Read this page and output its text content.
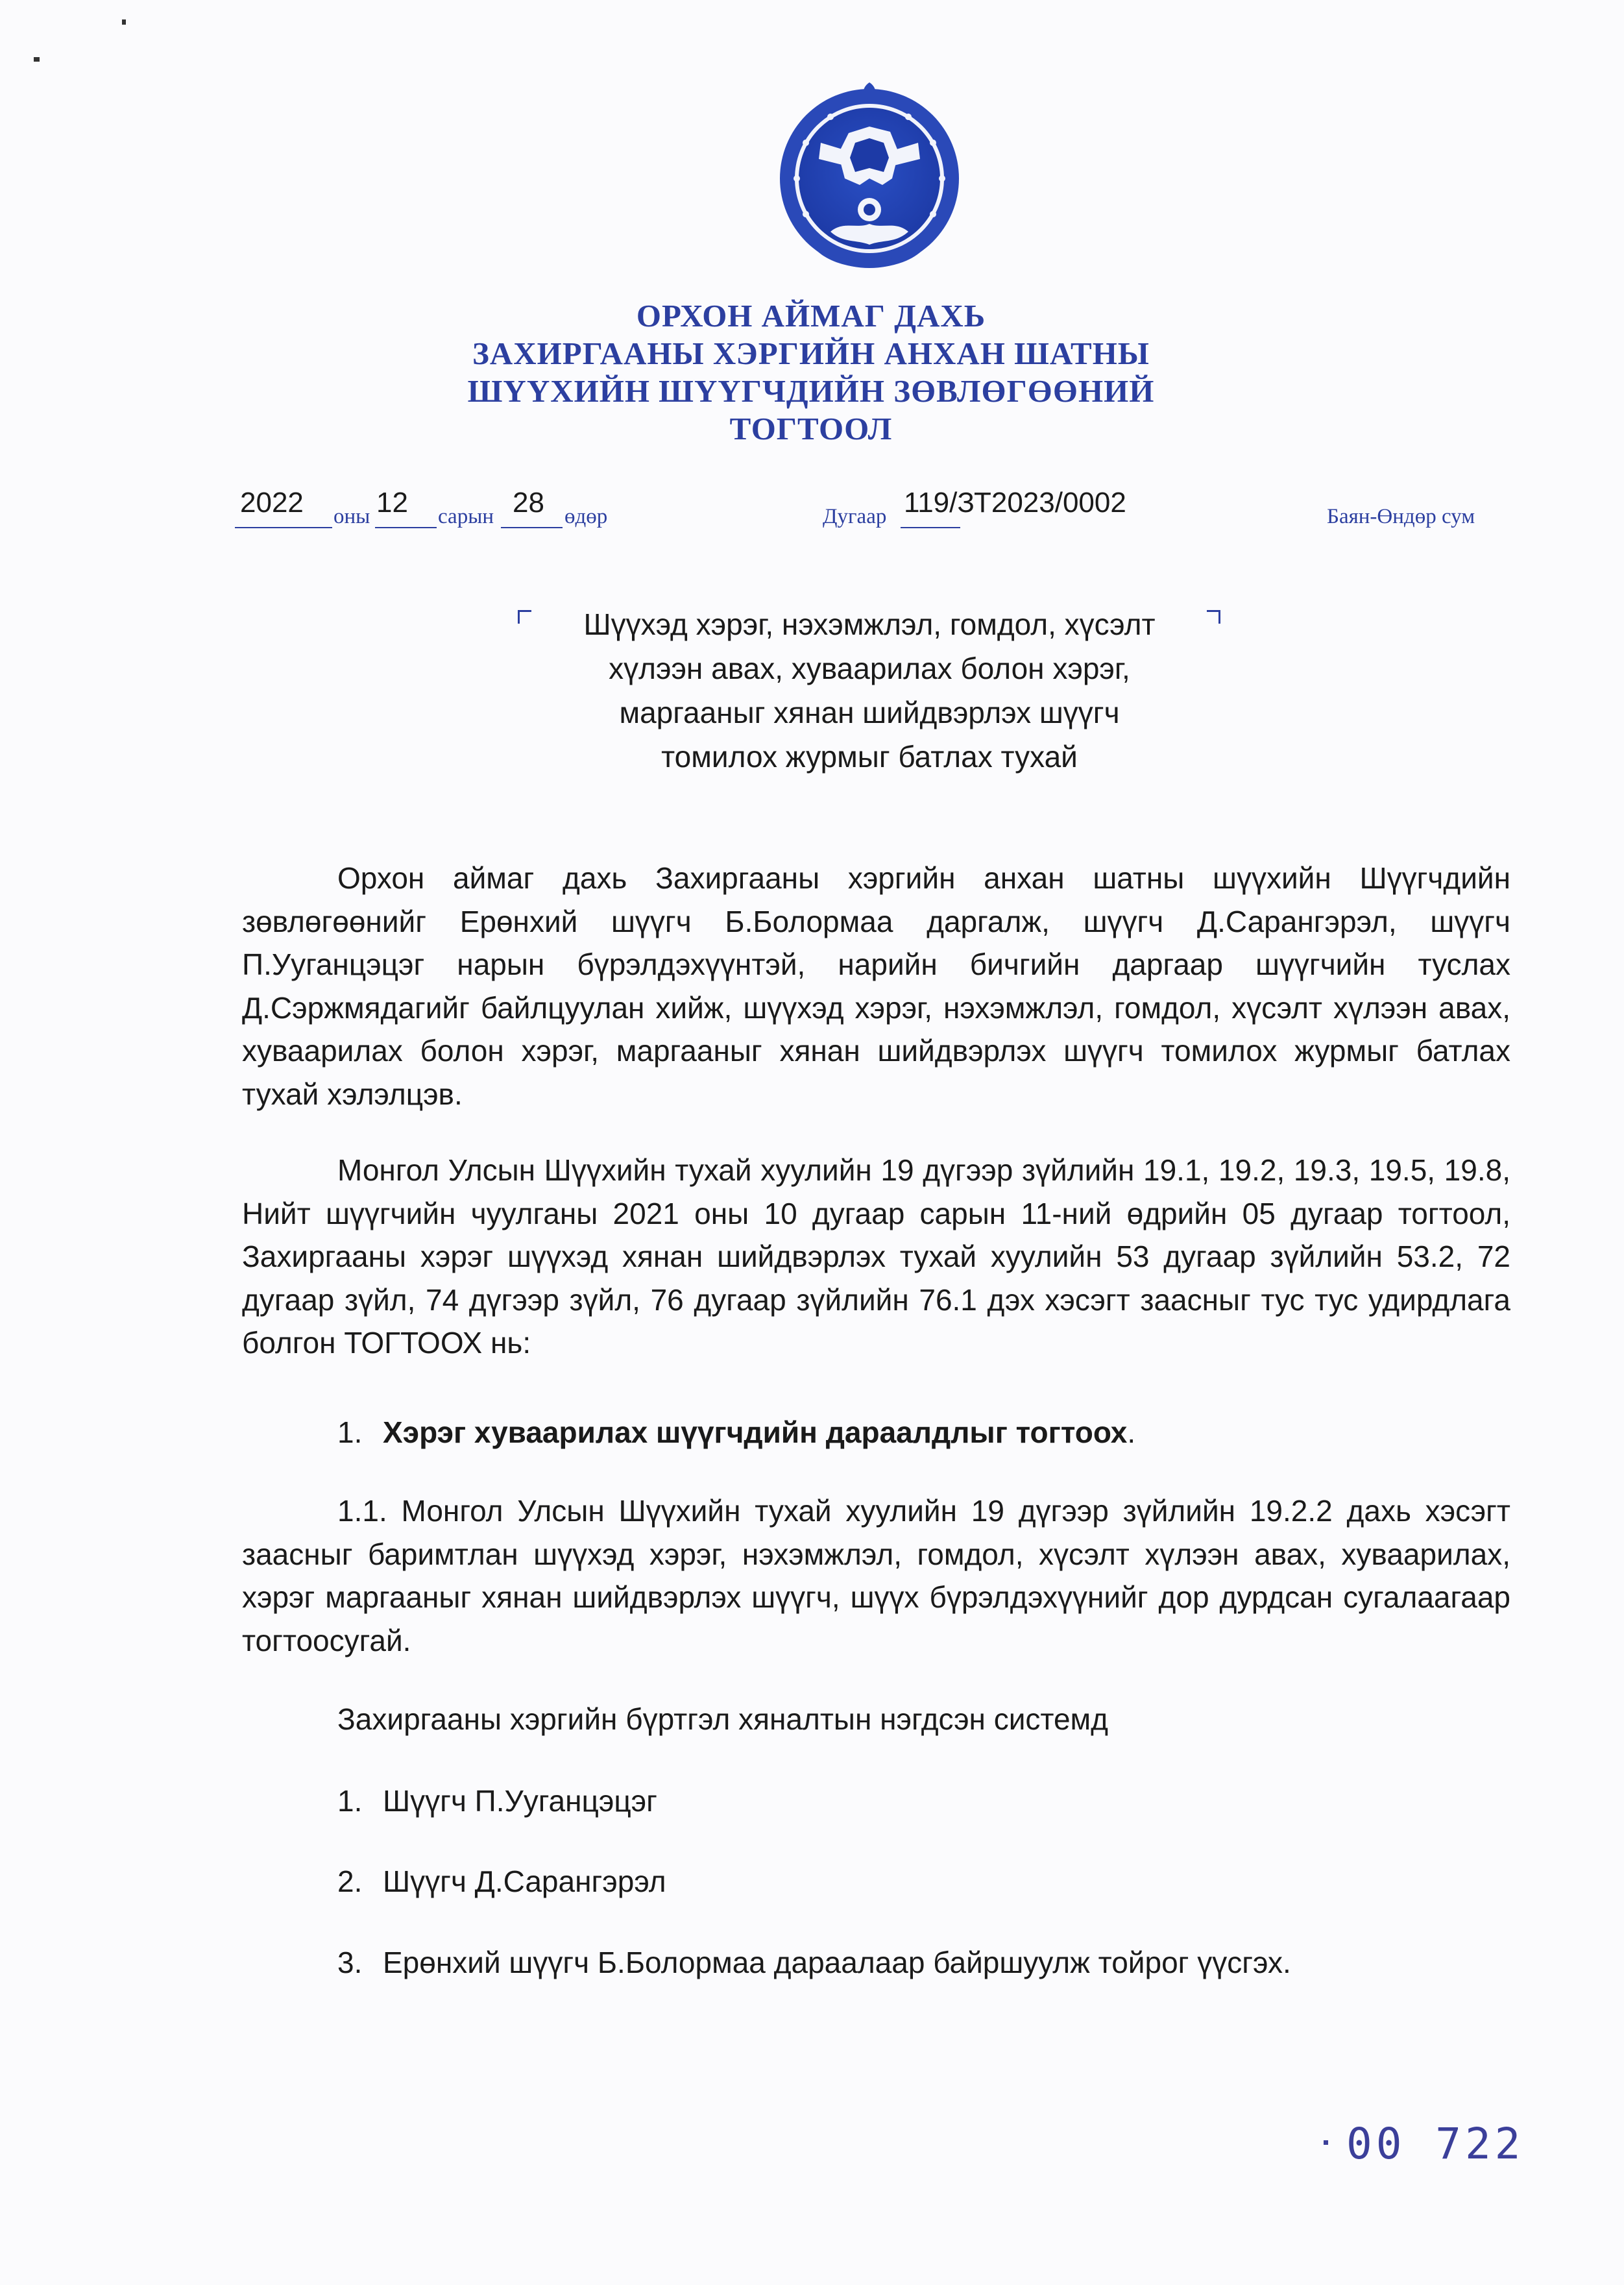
ОРХОН АЙМАГ ДАХЬ
ЗАХИРГААНЫ ХЭРГИЙН АНХАН ШАТНЫ
ШҮҮХИЙН ШҮҮГЧДИЙН ЗӨВЛӨГӨӨНИЙ
ТОГТООЛ
2022 оны 12 сарын 28 өдөр	Дугаар 119/ЗТ2023/0002	Баян-Өндөр сум
Шүүхэд хэрэг, нэхэмжлэл, гомдол, хүсэлт
хүлээн авах, хуваарилах болон хэрэг,
маргааныг хянан шийдвэрлэх шүүгч
томилох журмыг батлах тухай
Орхон аймаг дахь Захиргааны хэргийн анхан шатны шүүхийн Шүүгчдийн зөвлөгөөнийг Ерөнхий шүүгч Б.Болормаа даргалж, шүүгч Д.Сарангэрэл, шүүгч П.Ууганцэцэг нарын бүрэлдэхүүнтэй, нарийн бичгийн даргаар шүүгчийн туслах Д.Сэржмядагийг байлцуулан хийж, шүүхэд хэрэг, нэхэмжлэл, гомдол, хүсэлт хүлээн авах, хуваарилах болон хэрэг, маргааныг хянан шийдвэрлэх шүүгч томилох журмыг батлах тухай хэлэлцэв.
Монгол Улсын Шүүхийн тухай хуулийн 19 дүгээр зүйлийн 19.1, 19.2, 19.3, 19.5, 19.8, Нийт шүүгчийн чуулганы 2021 оны 10 дугаар сарын 11-ний өдрийн 05 дугаар тогтоол, Захиргааны хэрэг шүүхэд хянан шийдвэрлэх тухай хуулийн 53 дугаар зүйлийн 53.2, 72 дугаар зүйл, 74 дүгээр зүйл, 76 дугаар зүйлийн 76.1 дэх хэсэгт заасныг тус тус удирдлага болгон ТОГТООХ нь:
1. Хэрэг хуваарилах шүүгчдийн дараалдлыг тогтоох.
1.1. Монгол Улсын Шүүхийн тухай хуулийн 19 дүгээр зүйлийн 19.2.2 дахь хэсэгт заасныг баримтлан шүүхэд хэрэг, нэхэмжлэл, гомдол, хүсэлт хүлээн авах, хуваарилах, хэрэг маргааныг хянан шийдвэрлэх шүүгч, шүүх бүрэлдэхүүнийг дор дурдсан сугалаагаар тогтоосугай.
Захиргааны хэргийн бүртгэл хяналтын нэгдсэн системд
1. Шүүгч П.Ууганцэцэг
2. Шүүгч Д.Сарангэрэл
3. Ерөнхий шүүгч Б.Болормаа дараалаар байршуулж тойрог үүсгэх.
00 722
